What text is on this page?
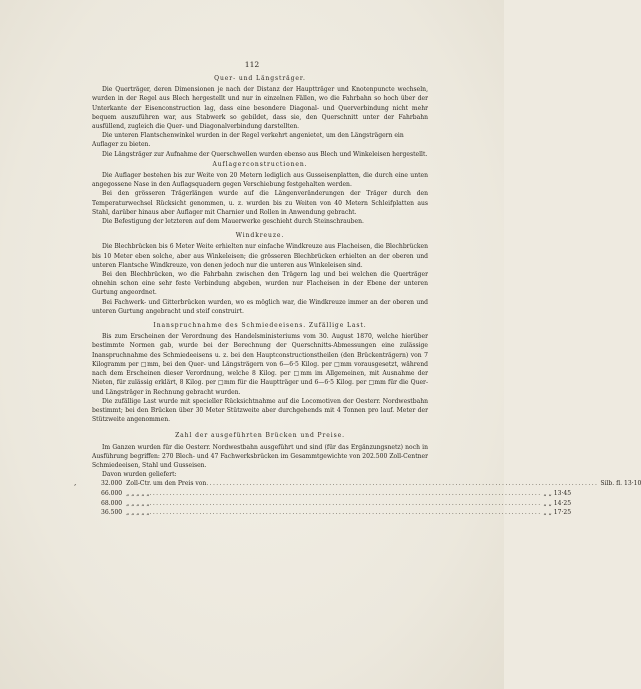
112
Quer- und Längsträger.

Die Querträger, deren Dimensionen je nach der Distanz der Hauptträger und Knotenpuncte wechseln, wurden in der Regel aus Blech hergestellt und nur in einzelnen Fällen, wo die Fahrbahn so hoch über der Unterkante der Eisenconstruction lag, dass eine besondere Diagonal- und Querverbindung nicht mehr bequem auszuführen war, aus Stabwerk so gebildet, dass sie, den Querschnitt unter der Fahrbahn ausfüllend, zugleich die Quer- und Diagonalverbindung darstellten.

Die unteren Flantschenwinkel wurden in der Regel verkehrt angenietet, um den Längsträgern ein Auflager zu bieten.

Die Längsträger zur Aufnahme der Querschwellen wurden ebenso aus Blech und Winkeleisen hergestellt.

Auflagerconstructionen.

Die Auflager bestehen bis zur Weite von 20 Metern lediglich aus Gusseisenplatten, die durch eine unten angegossene Nase in den Auflagsquadern gegen Verschiebung festgehalten werden.

Bei den grösseren Trägerlängen wurde auf die Längenveränderungen der Träger durch den Temperaturwechsel Rücksicht genommen, u. z. wurden bis zu Weiten von 40 Metern Schleifplatten aus Stahl, darüber hinaus aber Auflager mit Charnier und Rollen in Anwendung gebracht.

Die Befestigung der letzteren auf dem Mauerwerke geschieht durch Steinschrauben.

Windkreuze.

Die Blechbrücken bis 6 Meter Weite erhielten nur einfache Windkreuze aus Flacheisen, die Blechbrücken bis 10 Meter eben solche, aber aus Winkeleisen; die grösseren Blechbrücken erhielten an der oberen und unteren Flantsche Windkreuze, von denen jedoch nur die unteren aus Winkeleisen sind.

Bei den Blechbrücken, wo die Fahrbahn zwischen den Trägern lag und bei welchen die Querträger ohnehin schon eine sehr feste Verbindung abgeben, wurden nur Flacheisen in der Ebene der unteren Gurtung angeordnet.

Bei Fachwerk- und Gitterbrücken wurden, wo es möglich war, die Windkreuze immer an der oberen und unteren Gurtung angebracht und steif construirt.

Inanspruchnahme des Schmiedeeisens. Zufällige Last.

Bis zum Erscheinen der Verordnung des Handelsministeriums vom 30. August 1870, welche hierüber bestimmte Normen gab, wurde bei der Berechnung der Querschnitts-Abmessungen eine zulässige Inanspruchnahme des Schmiedeeisens u. z. bei den Hauptconstructionstheilen (den Brückenträgern) von 7 Kilogramm per □mm, bei den Quer- und Längsträgern von 6—6·5 Kilog. per □mm vorausgesetzt, während nach dem Erscheinen dieser Verordnung, welche 8 Kilog. per □mm im Allgemeinen, mit Ausnahme der Nieten, für zulässig erklärt, 8 Kilog. per □mm für die Hauptträger und 6—6·5 Kilog. per □mm für die Quer- und Längsträger in Rechnung gebracht wurden.

Die zufällige Last wurde mit specieller Rücksichtnahme auf die Locomotiven der Oesterr. Nordwestbahn bestimmt; bei den Brücken über 30 Meter Stützweite aber durchgehends mit 4 Tonnen pro lauf. Meter der Stützweite angenommen.

Zahl der ausgeführten Brücken und Preise.

Im Ganzen wurden für die Oesterr. Nordwestbahn ausgeführt und sind (für das Ergänzungsnetz) noch in Ausführung begriffen: 270 Blech- und 47 Fachwerksbrücken im Gesammtgewichte von 202.500 Zoll-Centner Schmiedeeisen, Stahl und Gusseisen.

Davon wurden geliefert:
‚	32.000 Zoll-Ctr. um den Preis von ...................................................................................................................... Silb. fl. 13·10
66.000 „ „ „ „ „ ...................................................................................................................... „ „ 13·45
68.000 „ „ „ „ „ ...................................................................................................................... „ „ 14·25
36.500 „ „ „ „ „ ...................................................................................................................... „ „ 17·25
